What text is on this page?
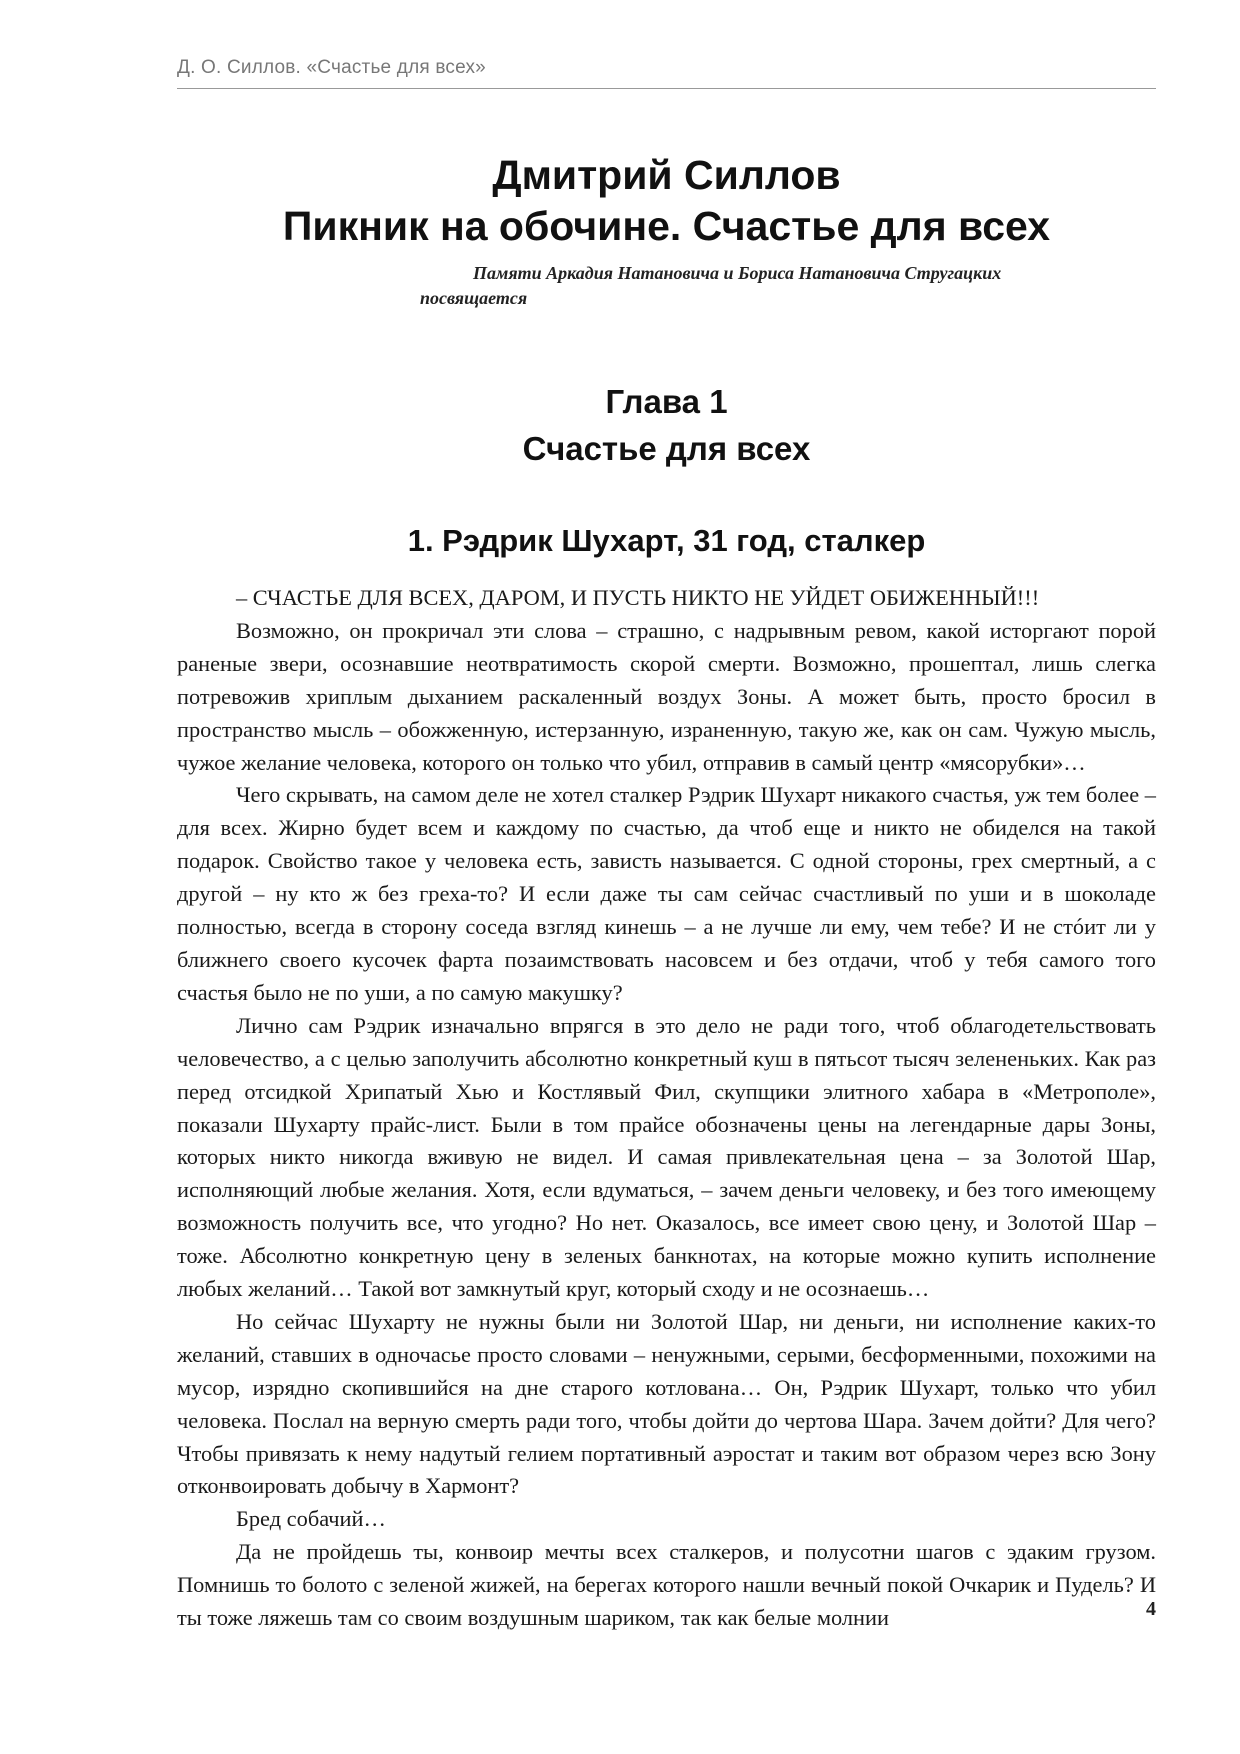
Д. О. Силлов. «Счастье для всех»
Дмитрий Силлов
Пикник на обочине. Счастье для всех
Памяти Аркадия Натановича и Бориса Натановича Стругацких
посвящается
Глава 1
Счастье для всех
1. Рэдрик Шухарт, 31 год, сталкер

– СЧАСТЬЕ ДЛЯ ВСЕХ, ДАРОМ, И ПУСТЬ НИКТО НЕ УЙДЕТ ОБИЖЕННЫЙ!!!

Возможно, он прокричал эти слова – страшно, с надрывным ревом, какой исторгают порой раненые звери, осознавшие неотвратимость скорой смерти. Возможно, прошептал, лишь слегка потревожив хриплым дыханием раскаленный воздух Зоны. А может быть, просто бросил в пространство мысль – обожженную, истерзанную, израненную, такую же, как он сам. Чужую мысль, чужое желание человека, которого он только что убил, отправив в самый центр «мясорубки»…

Чего скрывать, на самом деле не хотел сталкер Рэдрик Шухарт никакого счастья, уж тем более – для всех. Жирно будет всем и каждому по счастью, да чтоб еще и никто не обиделся на такой подарок. Свойство такое у человека есть, зависть называется. С одной стороны, грех смертный, а с другой – ну кто ж без греха-то? И если даже ты сам сейчас счастливый по уши и в шоколаде полностью, всегда в сторону соседа взгляд кинешь – а не лучше ли ему, чем тебе? И не стóит ли у ближнего своего кусочек фарта позаимствовать насовсем и без отдачи, чтоб у тебя самого того счастья было не по уши, а по самую макушку?

Лично сам Рэдрик изначально впрягся в это дело не ради того, чтоб облагодетельствовать человечество, а с целью заполучить абсолютно конкретный куш в пятьсот тысяч зелененьких. Как раз перед отсидкой Хрипатый Хью и Костлявый Фил, скупщики элитного хабара в «Метрополе», показали Шухарту прайс-лист. Были в том прайсе обозначены цены на легендарные дары Зоны, которых никто никогда вживую не видел. И самая привлекательная цена – за Золотой Шар, исполняющий любые желания. Хотя, если вдуматься, – зачем деньги человеку, и без того имеющему возможность получить все, что угодно? Но нет. Оказалось, все имеет свою цену, и Золотой Шар – тоже. Абсолютно конкретную цену в зеленых банкнотах, на которые можно купить исполнение любых желаний… Такой вот замкнутый круг, который сходу и не осознаешь…

Но сейчас Шухарту не нужны были ни Золотой Шар, ни деньги, ни исполнение каких-то желаний, ставших в одночасье просто словами – ненужными, серыми, бесформенными, похожими на мусор, изрядно скопившийся на дне старого котлована… Он, Рэдрик Шухарт, только что убил человека. Послал на верную смерть ради того, чтобы дойти до чертова Шара. Зачем дойти? Для чего? Чтобы привязать к нему надутый гелием портативный аэростат и таким вот образом через всю Зону отконвоировать добычу в Хармонт?

Бред собачий…

Да не пройдешь ты, конвоир мечты всех сталкеров, и полусотни шагов с эдаким грузом. Помнишь то болото с зеленой жижей, на берегах которого нашли вечный покой Очкарик и Пудель? И ты тоже ляжешь там со своим воздушным шариком, так как белые молнии	4
